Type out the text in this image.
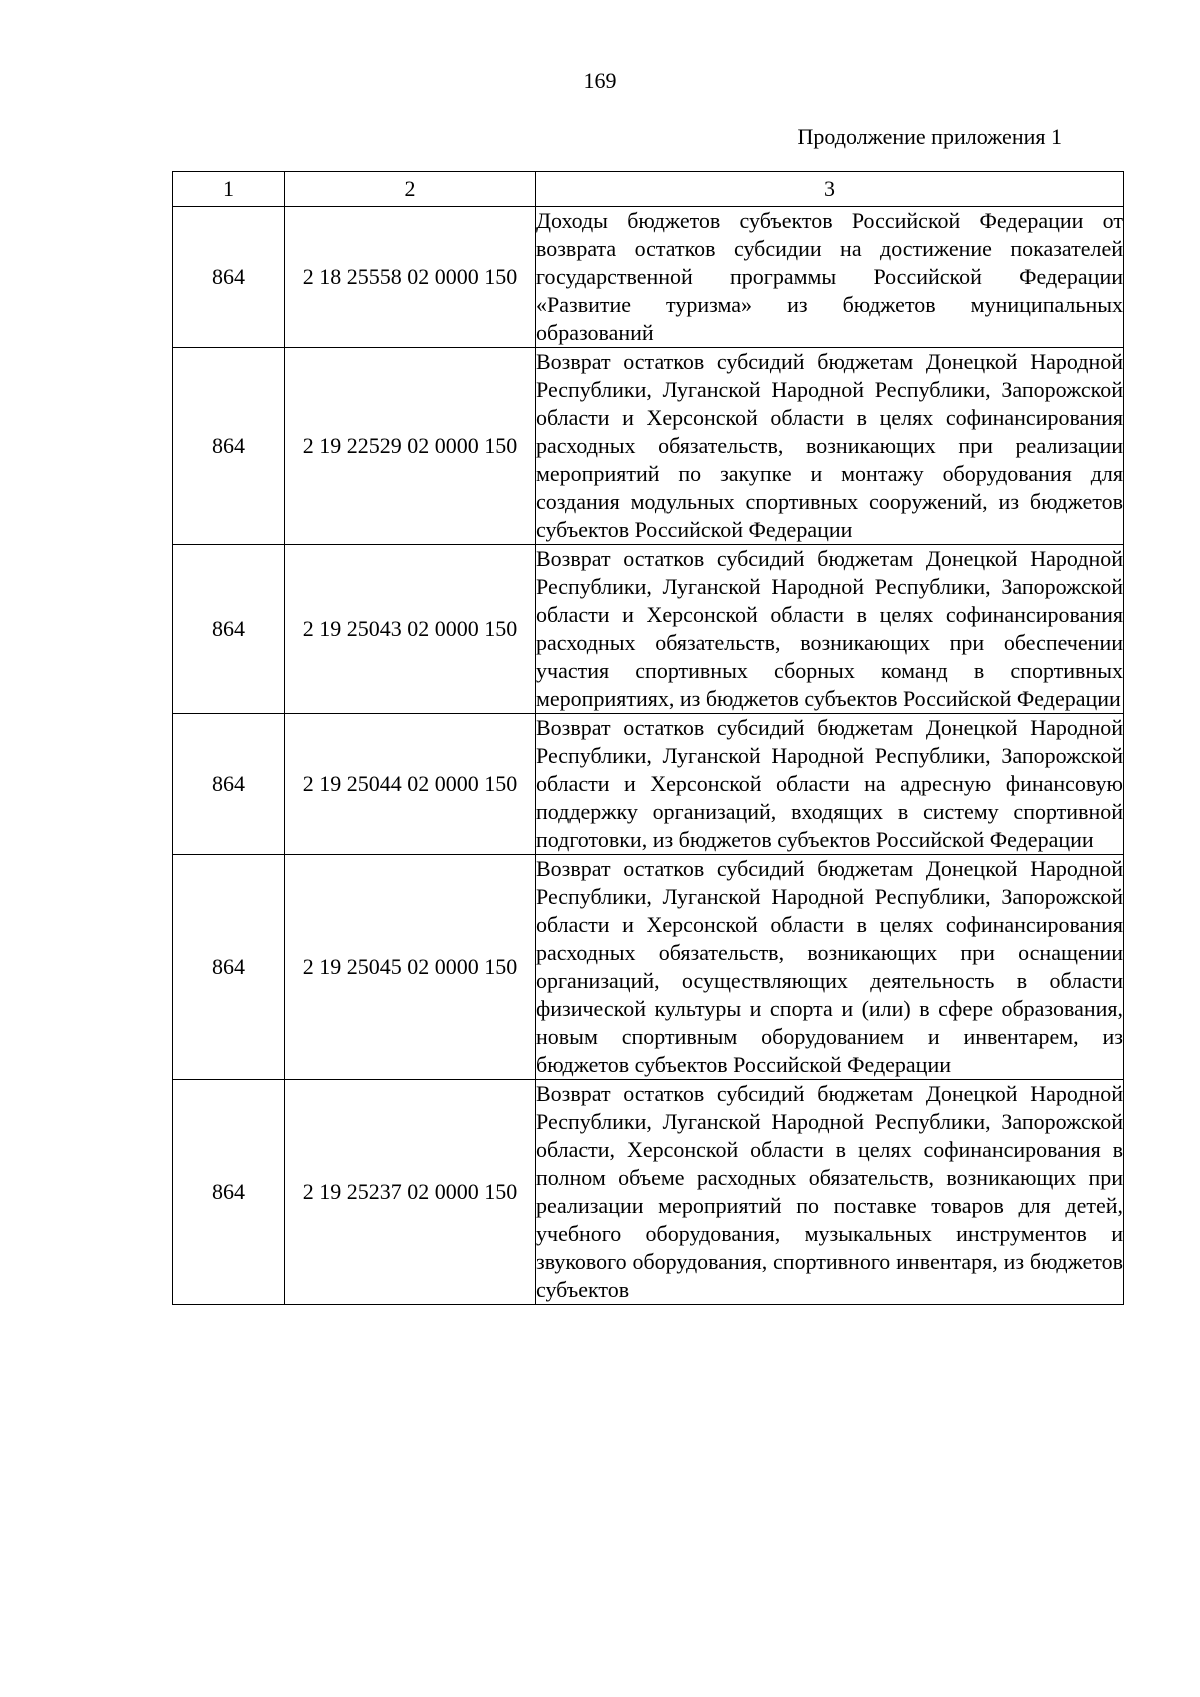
169
Продолжение приложения 1
1	2	3
864	2 18 25558 02 0000 150	Доходы бюджетов субъектов Российской Федерации от возврата остатков субсидии на достижение показателей государственной программы Российской Федерации «Развитие туризма» из бюджетов муниципальных образований
864	2 19 22529 02 0000 150	Возврат остатков субсидий бюджетам Донецкой Народной Республики, Луганской Народной Республики, Запорожской области и Херсонской области в целях софинансирования расходных обязательств, возникающих при реализации мероприятий по закупке и монтажу оборудования для создания модульных спортивных сооружений, из бюджетов субъектов Российской Федерации
864	2 19 25043 02 0000 150	Возврат остатков субсидий бюджетам Донецкой Народной Республики, Луганской Народной Республики, Запорожской области и Херсонской области в целях софинансирования расходных обязательств, возникающих при обеспечении участия спортивных сборных команд в спортивных мероприятиях, из бюджетов субъектов Российской Федерации
864	2 19 25044 02 0000 150	Возврат остатков субсидий бюджетам Донецкой Народной Республики, Луганской Народной Республики, Запорожской области и Херсонской области на адресную финансовую поддержку организаций, входящих в систему спортивной подготовки, из бюджетов субъектов Российской Федерации
864	2 19 25045 02 0000 150	Возврат остатков субсидий бюджетам Донецкой Народной Республики, Луганской Народной Республики, Запорожской области и Херсонской области в целях софинансирования расходных обязательств, возникающих при оснащении организаций, осуществляющих деятельность в области физической культуры и спорта и (или) в сфере образования, новым спортивным оборудованием и инвентарем, из бюджетов субъектов Российской Федерации
864	2 19 25237 02 0000 150	Возврат остатков субсидий бюджетам Донецкой Народной Республики, Луганской Народной Республики, Запорожской области, Херсонской области в целях софинансирования в полном объеме расходных обязательств, возникающих при реализации мероприятий по поставке товаров для детей, учебного оборудования, музыкальных инструментов и звукового оборудования, спортивного инвентаря, из бюджетов субъектов
